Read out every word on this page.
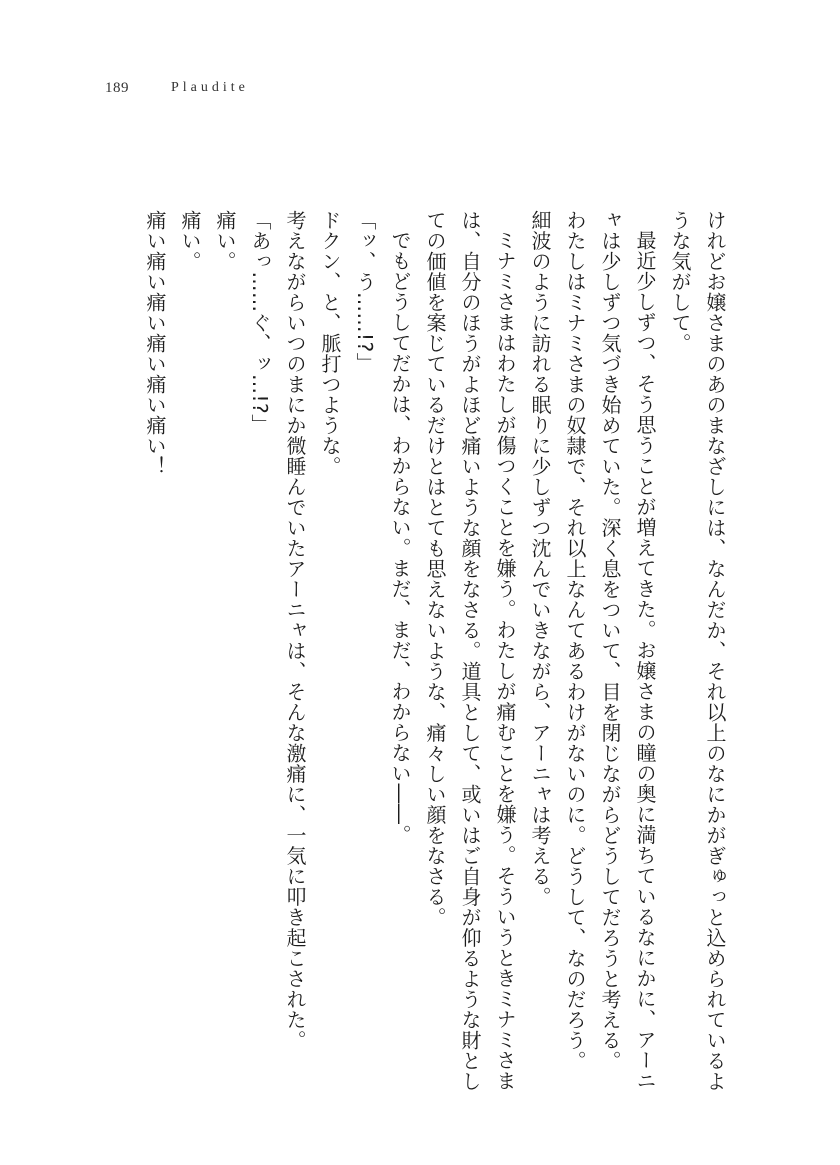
189	Plaudite

けれどお嬢さまのあのまなざしには、なんだか、それ以上のなにかがぎゅっと込められているような気がして。

最近少しずつ、そう思うことが増えてきた。お嬢さまの瞳の奥に満ちているなにかに、アーニャは少しずつ気づき始めていた。深く息をついて、目を閉じながらどうしてだろうと考える。

わたしはミナミさまの奴隷で、それ以上なんてあるわけがないのに。どうして、なのだろう。

細波のように訪れる眠りに少しずつ沈んでいきながら、アーニャは考える。

ミナミさまはわたしが傷つくことを嫌う。わたしが痛むことを嫌う。そういうときミナミさまは、自分のほうがよほど痛いような顔をなさる。道具として、或いはご自身が仰るような財としての価値を案じているだけとはとても思えないような、痛々しい顔をなさる。

でもどうしてだかは、わからない。まだ、まだ、わからない――。

「ッ、う……!?」

ドクン、と、脈打つような。

考えながらいつのまにか微睡んでいたアーニャは、そんな激痛に、一気に叩き起こされた。

「あっ……ぐ、ッ…!?」

痛い。

痛い。

痛い痛い痛い痛い痛い痛い！
